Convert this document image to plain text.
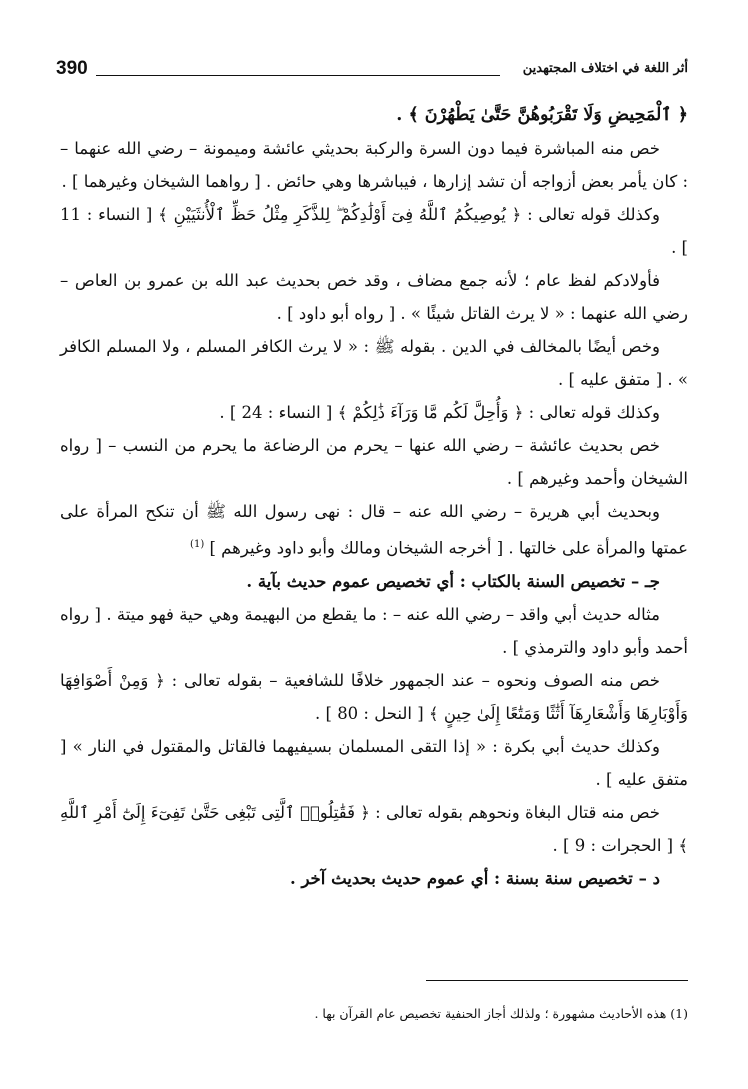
390	أثر اللغة في اختلاف المجتهدين

﴿ ٱلْمَحِيضِ وَلَا تَقْرَبُوهُنَّ حَتَّىٰ يَطْهُرْنَ ﴾ .

خص منه المباشرة فيما دون السرة والركبة بحديثي عائشة وميمونة – رضي الله عنهما – : كان يأمر بعض أزواجه أن تشد إزارها ، فيباشرها وهي حائض . [ رواهما الشيخان وغيرهما ] .

وكذلك قوله تعالى : ﴿ يُوصِيكُمُ ٱللَّهُ فِىٓ أَوْلَٰدِكُمْ ۖ لِلذَّكَرِ مِثْلُ حَظِّ ٱلْأُنثَيَيْنِ ﴾ [ النساء : 11 ] .

فأولادكم لفظ عام ؛ لأنه جمع مضاف ، وقد خص بحديث عبد الله بن عمرو بن العاص – رضي الله عنهما : « لا يرث القاتل شيئًا » . [ رواه أبو داود ] .

وخص أيضًا بالمخالف في الدين . بقوله ﷺ : « لا يرث الكافر المسلم ، ولا المسلم الكافر » . [ متفق عليه ] .

وكذلك قوله تعالى : ﴿ وَأُحِلَّ لَكُم مَّا وَرَآءَ ذَٰلِكُمْ ﴾ [ النساء : 24 ] .

خص بحديث عائشة – رضي الله عنها – يحرم من الرضاعة ما يحرم من النسب – [ رواه الشيخان وأحمد وغيرهم ] .

وبحديث أبي هريرة – رضي الله عنه – قال : نهى رسول الله ﷺ أن تنكح المرأة على عمتها والمرأة على خالتها . [ أخرجه الشيخان ومالك وأبو داود وغيرهم ] $^{(1)}$

جـ – تخصيص السنة بالكتاب : أي تخصيص عموم حديث بآية .

مثاله حديث أبي واقد – رضي الله عنه – : ما يقطع من البهيمة وهي حية فهو ميتة . [ رواه أحمد وأبو داود والترمذي ] .

خص منه الصوف ونحوه – عند الجمهور خلافًا للشافعية – بقوله تعالى : ﴿ وَمِنْ أَصْوَافِهَا وَأَوْبَارِهَا وَأَشْعَارِهَآ أَثَٰثًا وَمَتَٰعًا إِلَىٰ حِينٍ ﴾ [ النحل : 80 ] .

وكذلك حديث أبي بكرة : « إذا التقى المسلمان بسيفيهما فالقاتل والمقتول في النار » [ متفق عليه ] .

خص منه قتال البغاة ونحوهم بقوله تعالى : ﴿ فَقَٰتِلُوا۟ ٱلَّتِى تَبْغِى حَتَّىٰ تَفِىٓءَ إِلَىٰٓ أَمْرِ ٱللَّهِ ﴾ [ الحجرات : 9 ] .

د – تخصيص سنة بسنة : أي عموم حديث بحديث آخر .

(1) هذه الأحاديث مشهورة ؛ ولذلك أجاز الحنفية تخصيص عام القرآن بها .
